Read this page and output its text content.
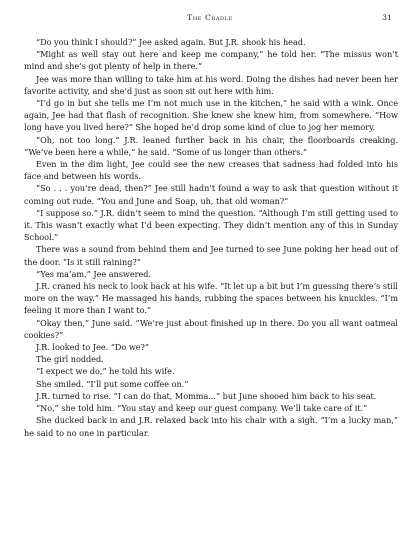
The Cradle	31

“Do you think I should?” Jee asked again. But J.R. shook his head.

“Might as well stay out here and keep me company,” he told her. “The missus won’t mind and she’s got plenty of help in there.”

Jee was more than willing to take him at his word. Doing the dishes had never been her favorite activity, and she’d just as soon sit out here with him.

“I’d go in but she tells me I’m not much use in the kitchen,” he said with a wink. Once again, Jee had that flash of recognition. She knew she knew him, from somewhere. “How long have you lived here?” She hoped he’d drop some kind of clue to jog her memory.

“Oh, not too long.” J.R. leaned further back in his chair, the floorboards creaking. “We’ve been here a while,” he said. “Some of us longer than others.”

Even in the dim light, Jee could see the new creases that sadness had folded into his face and between his words.

“So . . . you’re dead, then?” Jee still hadn’t found a way to ask that question without it coming out rude. “You and June and Soap, uh, that old woman?”

“I suppose so.” J.R. didn’t seem to mind the question. “Although I’m still getting used to it. This wasn’t exactly what I’d been expecting. They didn’t mention any of this in Sunday School.”

There was a sound from behind them and Jee turned to see June poking her head out of the door. “Is it still raining?”

“Yes ma’am,” Jee answered.

J.R. craned his neck to look back at his wife. “It let up a bit but I’m guessing there’s still more on the way.” He massaged his hands, rubbing the spaces between his knuckles. “I’m feeling it more than I want to.”

“Okay then,” June said. “We’re just about finished up in there. Do you all want oatmeal cookies?”

J.R. looked to Jee. “Do we?”

The girl nodded.

“I expect we do,” he told his wife.

She smiled. “I’ll put some coffee on.”

J.R. turned to rise. “I can do that, Momma...” but June shooed him back to his seat.

“No,” she told him. “You stay and keep our guest company. We’ll take care of it.”

She ducked back in and J.R. relaxed back into his chair with a sigh. “I’m a lucky man,” he said to no one in particular.
